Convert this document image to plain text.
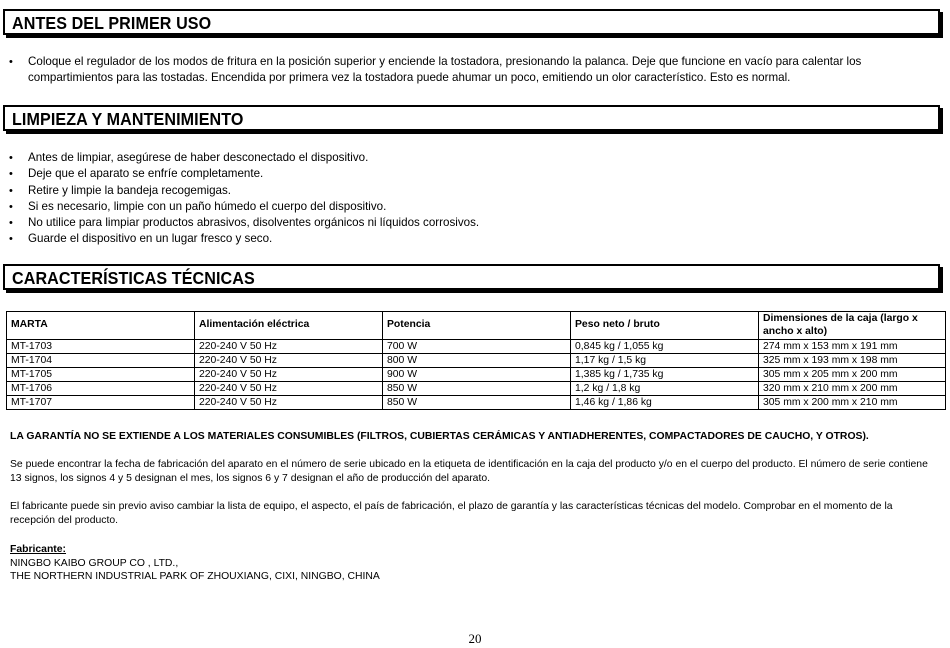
ANTES DEL PRIMER USO
• Coloque el regulador de los modos de fritura en la posición superior y enciende la tostadora, presionando la palanca. Deje que funcione en vacío para calentar los compartimientos para las tostadas. Encendida por primera vez la tostadora puede ahumar un poco, emitiendo un olor característico. Esto es normal.
LIMPIEZA Y MANTENIMIENTO
• Antes de limpiar, asegúrese de haber desconectado el dispositivo.
• Deje que el aparato se enfríe completamente.
• Retire y limpie la bandeja recogemigas.
• Si es necesario, limpie con un paño húmedo el cuerpo del dispositivo.
• No utilice para limpiar productos abrasivos, disolventes orgánicos ni líquidos corrosivos.
• Guarde el dispositivo en un lugar fresco y seco.
CARACTERÍSTICAS TÉCNICAS
MARTA	Alimentación eléctrica	Potencia	Peso neto / bruto	Dimensiones de la caja (largo x ancho x alto)
MT-1703	220-240 V 50 Hz	700 W	0,845 kg / 1,055 kg	274 mm x 153 mm x 191 mm
MT-1704	220-240 V 50 Hz	800 W	1,17 kg / 1,5 kg	325 mm x 193 mm x 198 mm
MT-1705	220-240 V 50 Hz	900 W	1,385 kg / 1,735 kg	305 mm x 205 mm x 200 mm
MT-1706	220-240 V 50 Hz	850 W	1,2 kg / 1,8 kg	320 mm x 210 mm x 200 mm
MT-1707	220-240 V 50 Hz	850 W	1,46 kg / 1,86 kg	305 mm x 200 mm x 210 mm
LA GARANTÍA NO SE EXTIENDE A LOS MATERIALES CONSUMIBLES (FILTROS, CUBIERTAS CERÁMICAS Y ANTIADHERENTES, COMPACTADORES DE CAUCHO, Y OTROS).
Se puede encontrar la fecha de fabricación del aparato en el número de serie ubicado en la etiqueta de identificación en la caja del producto y/o en el cuerpo del producto. El número de serie contiene 13 signos, los signos 4 y 5 designan el mes, los signos 6 y 7 designan el año de producción del aparato.
El fabricante puede sin previo aviso cambiar la lista de equipo, el aspecto, el país de fabricación, el plazo de garantía y las características técnicas del modelo. Comprobar en el momento de la recepción del producto.
Fabricante:
NINGBO KAIBO GROUP CO , LTD.,
THE NORTHERN INDUSTRIAL PARK OF ZHOUXIANG, CIXI, NINGBO, CHINA
20
